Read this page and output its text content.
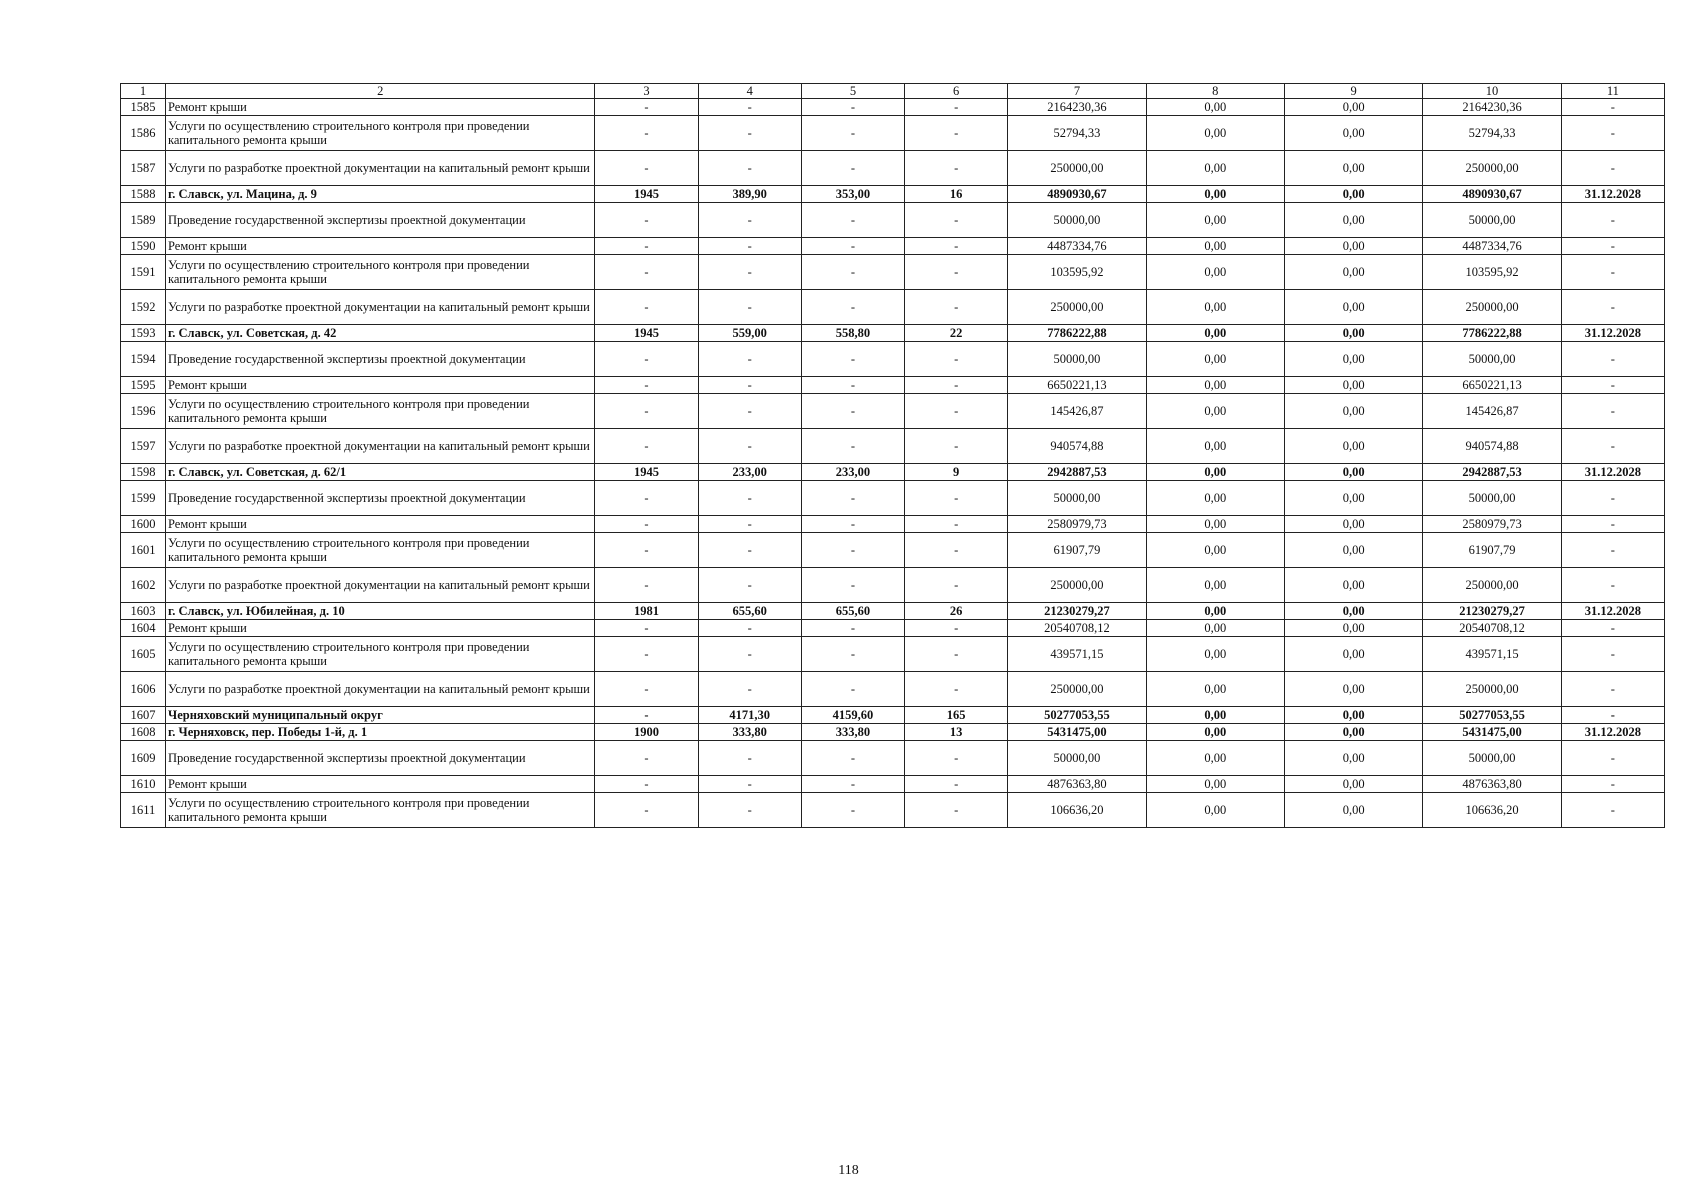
1	2	3	4	5	6	7	8	9	10	11
1585	Ремонт крыши	-	-	-	-	2164230,36	0,00	0,00	2164230,36	-
1586	Услуги по осуществлению строительного контроля при проведении капитального ремонта крыши	-	-	-	-	52794,33	0,00	0,00	52794,33	-
1587	Услуги по разработке проектной документации на капитальный ремонт крыши	-	-	-	-	250000,00	0,00	0,00	250000,00	-
1588	г. Славск, ул. Мацина, д. 9	1945	389,90	353,00	16	4890930,67	0,00	0,00	4890930,67	31.12.2028
1589	Проведение государственной экспертизы проектной документации	-	-	-	-	50000,00	0,00	0,00	50000,00	-
1590	Ремонт крыши	-	-	-	-	4487334,76	0,00	0,00	4487334,76	-
1591	Услуги по осуществлению строительного контроля при проведении капитального ремонта крыши	-	-	-	-	103595,92	0,00	0,00	103595,92	-
1592	Услуги по разработке проектной документации на капитальный ремонт крыши	-	-	-	-	250000,00	0,00	0,00	250000,00	-
1593	г. Славск, ул. Советская, д. 42	1945	559,00	558,80	22	7786222,88	0,00	0,00	7786222,88	31.12.2028
1594	Проведение государственной экспертизы проектной документации	-	-	-	-	50000,00	0,00	0,00	50000,00	-
1595	Ремонт крыши	-	-	-	-	6650221,13	0,00	0,00	6650221,13	-
1596	Услуги по осуществлению строительного контроля при проведении капитального ремонта крыши	-	-	-	-	145426,87	0,00	0,00	145426,87	-
1597	Услуги по разработке проектной документации на капитальный ремонт крыши	-	-	-	-	940574,88	0,00	0,00	940574,88	-
1598	г. Славск, ул. Советская, д. 62/1	1945	233,00	233,00	9	2942887,53	0,00	0,00	2942887,53	31.12.2028
1599	Проведение государственной экспертизы проектной документации	-	-	-	-	50000,00	0,00	0,00	50000,00	-
1600	Ремонт крыши	-	-	-	-	2580979,73	0,00	0,00	2580979,73	-
1601	Услуги по осуществлению строительного контроля при проведении капитального ремонта крыши	-	-	-	-	61907,79	0,00	0,00	61907,79	-
1602	Услуги по разработке проектной документации на капитальный ремонт крыши	-	-	-	-	250000,00	0,00	0,00	250000,00	-
1603	г. Славск, ул. Юбилейная, д. 10	1981	655,60	655,60	26	21230279,27	0,00	0,00	21230279,27	31.12.2028
1604	Ремонт крыши	-	-	-	-	20540708,12	0,00	0,00	20540708,12	-
1605	Услуги по осуществлению строительного контроля при проведении капитального ремонта крыши	-	-	-	-	439571,15	0,00	0,00	439571,15	-
1606	Услуги по разработке проектной документации на капитальный ремонт крыши	-	-	-	-	250000,00	0,00	0,00	250000,00	-
1607	Черняховский муниципальный округ	-	4171,30	4159,60	165	50277053,55	0,00	0,00	50277053,55	-
1608	г. Черняховск, пер. Победы 1-й, д. 1	1900	333,80	333,80	13	5431475,00	0,00	0,00	5431475,00	31.12.2028
1609	Проведение государственной экспертизы проектной документации	-	-	-	-	50000,00	0,00	0,00	50000,00	-
1610	Ремонт крыши	-	-	-	-	4876363,80	0,00	0,00	4876363,80	-
1611	Услуги по осуществлению строительного контроля при проведении капитального ремонта крыши	-	-	-	-	106636,20	0,00	0,00	106636,20	-
118
